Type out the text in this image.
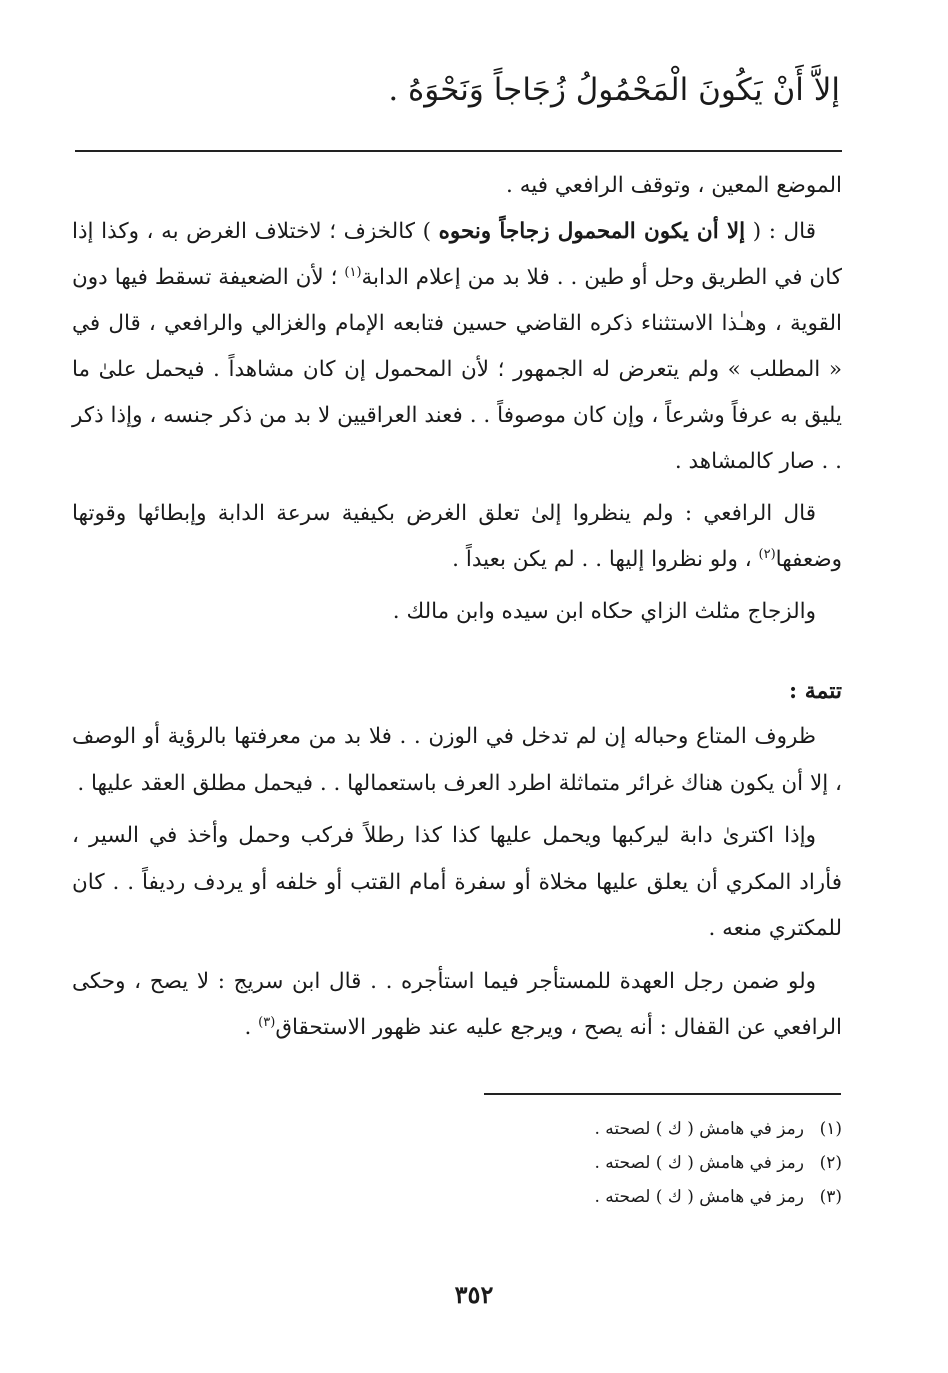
إلاَّ أَنْ يَكُونَ الْمَحْمُولُ زُجَاجاً وَنَحْوَهُ .

الموضع المعين ، وتوقف الرافعي فيه .

قال : ( إلا أن يكون المحمول زجاجاً ونحوه ) كالخزف ؛ لاختلاف الغرض به ، وكذا إذا كان في الطريق وحل أو طين . . فلا بد من إعلام الدابة$^{(١)}$ ؛ لأن الضعيفة تسقط فيها دون القوية ، وهـٰذا الاستثناء ذكره القاضي حسين فتابعه الإمام والغزالي والرافعي ، قال في « المطلب » ولم يتعرض له الجمهور ؛ لأن المحمول إن كان مشاهداً . فيحمل علىٰ ما يليق به عرفاً وشرعاً ، وإن كان موصوفاً . . فعند العراقيين لا بد من ذكر جنسه ، وإذا ذكر . . صار كالمشاهد .

قال الرافعي : ولم ينظروا إلىٰ تعلق الغرض بكيفية سرعة الدابة وإبطائها وقوتها وضعفها$^{(٢)}$ ، ولو نظروا إليها . . لم يكن بعيداً .

والزجاج مثلث الزاي حكاه ابن سيده وابن مالك .

تتمة :

ظروف المتاع وحباله إن لم تدخل في الوزن . . فلا بد من معرفتها بالرؤية أو الوصف ، إلا أن يكون هناك غرائر متماثلة اطرد العرف باستعمالها . . فيحمل مطلق العقد عليها .

وإذا اكترىٰ دابة ليركبها ويحمل عليها كذا كذا رطلاً فركب وحمل وأخذ في السير ، فأراد المكري أن يعلق عليها مخلاة أو سفرة أمام القتب أو خلفه أو يردف رديفاً . . كان للمكتري منعه .

ولو ضمن رجل العهدة للمستأجر فيما استأجره . . قال ابن سريج : لا يصح ، وحكى الرافعي عن القفال : أنه يصح ، ويرجع عليه عند ظهور الاستحقاق$^{(٣)}$ .

(١)رمز في هامش ( ك ) لصحته .
(٢)رمز في هامش ( ك ) لصحته .
(٣)رمز في هامش ( ك ) لصحته .
٣٥٢
